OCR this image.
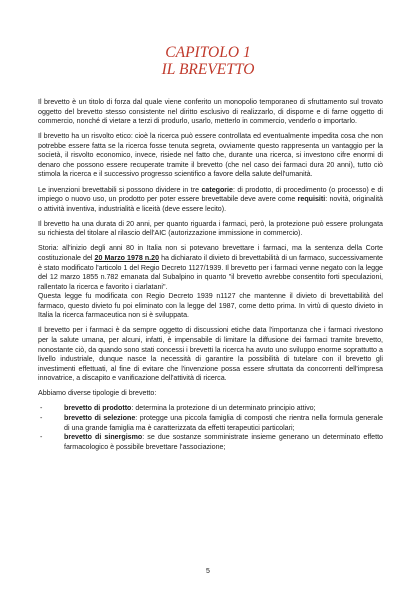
CAPITOLO 1
IL BREVETTO

Il brevetto è un titolo di forza dal quale viene conferito un monopolio temporaneo di sfruttamento sul trovato oggetto del brevetto stesso consistente nel diritto esclusivo di realizzarlo, di disporne e di farne oggetto di commercio, nonché di vietare a terzi di produrlo, usarlo, metterlo in commercio, venderlo o importarlo.

Il brevetto ha un risvolto etico: cioè la ricerca può essere controllata ed eventualmente impedita cosa che non potrebbe essere fatta se la ricerca fosse tenuta segreta, ovviamente questo rappresenta un vantaggio per la società, il risvolto economico, invece, risiede nel fatto che, durante una ricerca, si investono cifre enormi di denaro che possono essere recuperate tramite il brevetto (che nel caso dei farmaci dura 20 anni), tutto ciò stimola la ricerca e il successivo progresso scientifico a favore della salute dell'umanità.

Le invenzioni brevettabili si possono dividere in tre categorie: di prodotto, di procedimento (o processo) e di impiego o nuovo uso, un prodotto per poter essere brevettabile deve avere come requisiti: novità, originalità o attività inventiva, industrialità e liceità (deve essere lecito).

Il brevetto ha una durata di 20 anni, per quanto riguarda i farmaci, però, la protezione può essere prolungata su richiesta del titolare al rilascio dell'AIC (autorizzazione immissione in commercio).

Storia: all'inizio degli anni 80 in Italia non si potevano brevettare i farmaci, ma la sentenza della Corte costituzionale del 20 Marzo 1978 n.20 ha dichiarato il divieto di brevettabilità di un farmaco, successivamente è stato modificato l'articolo 1 del Regio Decreto 1127/1939. Il brevetto per i farmaci venne negato con la legge del 12 marzo 1855 n.782 emanata dal Subalpino in quanto "il brevetto avrebbe consentito forti speculazioni, rallentato la ricerca e favorito i ciarlatani".

Questa legge fu modificata con Regio Decreto 1939 n1127 che mantenne il divieto di brevettabilità del farmaco, questo divieto fu poi eliminato con la legge del 1987, come detto prima. In virtù di questo divieto in Italia la ricerca farmaceutica non si è sviluppata.

Il brevetto per i farmaci è da sempre oggetto di discussioni etiche data l'importanza che i farmaci rivestono per la salute umana, per alcuni, infatti, è impensabile di limitare la diffusione dei farmaci tramite brevetto, nonostante ciò, da quando sono stati concessi i brevetti la ricerca ha avuto uno sviluppo enorme soprattutto a livello industriale, dunque nasce la necessità di garantire la possibilità di tutelare con il brevetto gli investimenti effettuati, al fine di evitare che l'invenzione possa essere sfruttata da concorrenti dell'impresa innovatrice, a discapito e vanificazione dell'attività di ricerca.

Abbiamo diverse tipologie di brevetto:

- brevetto di prodotto: determina la protezione di un determinato principio attivo;
- brevetto di selezione: protegge una piccola famiglia di composti che rientra nella formula generale di una grande famiglia ma è caratterizzata da effetti terapeutici particolari;
- brevetto di sinergismo: se due sostanze somministrate insieme generano un determinato effetto farmacologico è possibile brevettare l'associazione;
5
